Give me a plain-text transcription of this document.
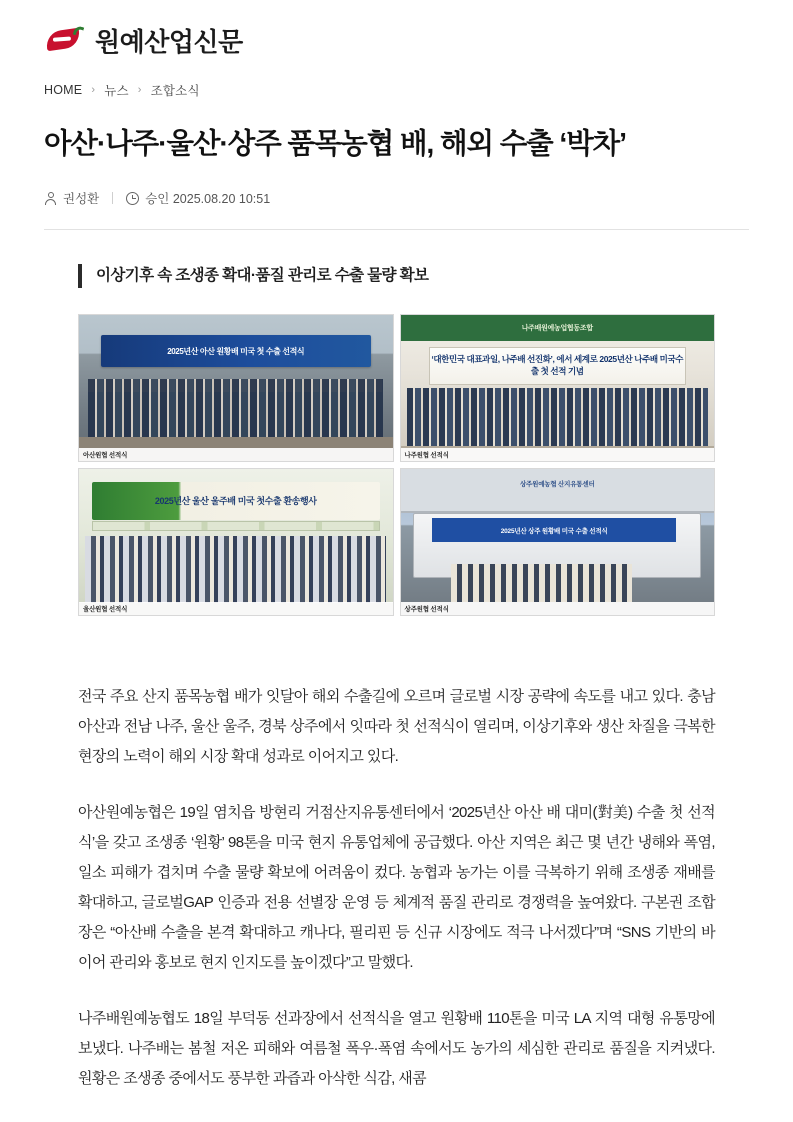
원예산업신문
HOME › 뉴스 › 조합소식
아산·나주·울산·상주 품목농협 배, 해외 수출 ‘박차’
권성환	승인 2025.08.20 10:51
이상기후 속 조생종 확대·품질 관리로 수출 물량 확보
2025년산 아산 원황배 미국 첫 수출 선적식
아산원협 선적식
나주배원예농업협동조합
‘대한민국 대표과일, 나주배 선진화’, 에서 세계로 2025년산 나주배 미국수출 첫 선적 기념
나주원협 선적식
2025년산 울산 울주배 미국 첫수출 환송행사
울산원협 선적식
상주원예농협 산지유통센터
2025년산 상주 원황배 미국 수출 선적식
상주원협 선적식

전국 주요 산지 품목농협 배가 잇달아 해외 수출길에 오르며 글로벌 시장 공략에 속도를 내고 있다. 충남 아산과 전남 나주, 울산 울주, 경북 상주에서 잇따라 첫 선적식이 열리며, 이상기후와 생산 차질을 극복한 현장의 노력이 해외 시장 확대 성과로 이어지고 있다.

아산원예농협은 19일 염치읍 방현리 거점산지유통센터에서 ‘2025년산 아산 배 대미(對美) 수출 첫 선적식’을 갖고 조생종 ‘원황’ 98톤을 미국 현지 유통업체에 공급했다. 아산 지역은 최근 몇 년간 냉해와 폭염, 일소 피해가 겹치며 수출 물량 확보에 어려움이 컸다. 농협과 농가는 이를 극복하기 위해 조생종 재배를 확대하고, 글로벌GAP 인증과 전용 선별장 운영 등 체계적 품질 관리로 경쟁력을 높여왔다. 구본권 조합장은 “아산배 수출을 본격 확대하고 캐나다, 필리핀 등 신규 시장에도 적극 나서겠다”며 “SNS 기반의 바이어 관리와 홍보로 현지 인지도를 높이겠다”고 말했다.

나주배원예농협도 18일 부덕동 선과장에서 선적식을 열고 원황배 110톤을 미국 LA 지역 대형 유통망에 보냈다. 나주배는 봄철 저온 피해와 여름철 폭우·폭염 속에서도 농가의 세심한 관리로 품질을 지켜냈다. 원황은 조생종 중에서도 풍부한 과즙과 아삭한 식감, 새콤
